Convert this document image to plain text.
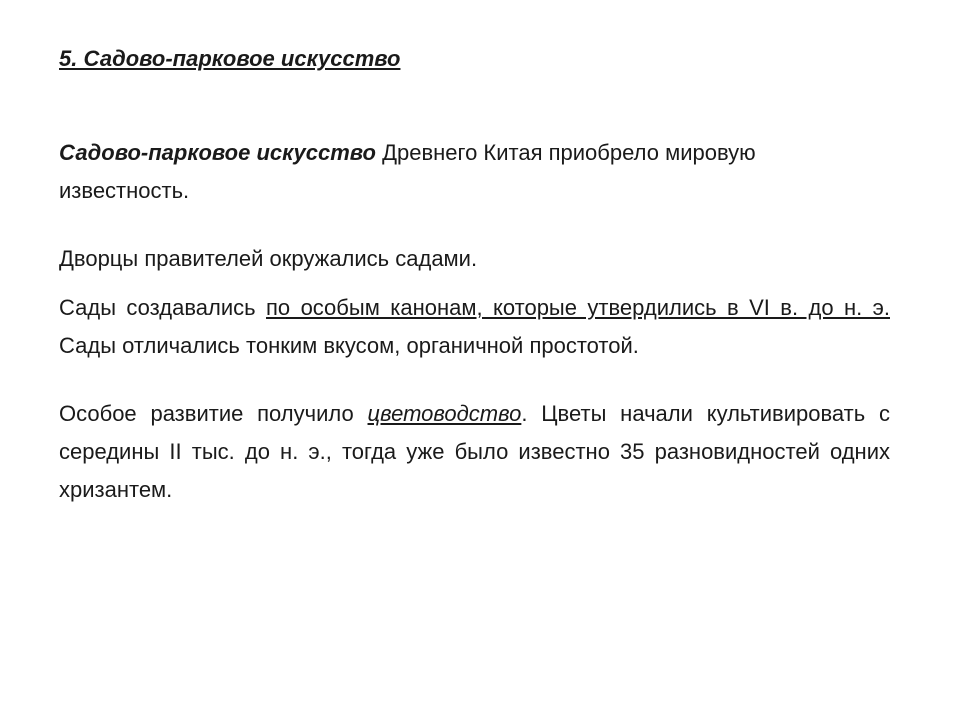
5. Садово-парковое искусство

Садово-парковое искусство Древнего Китая приобрело мировую известность.

Дворцы правителей окружались садами.

Сады создавались по особым канонам, которые утвердились в VI в. до н. э. Сады отличались тонким вкусом, органичной простотой.

Особое развитие получило цветоводство. Цветы начали культивировать с середины II тыс. до н. э., тогда уже было известно 35 разновидностей одних хризантем.
